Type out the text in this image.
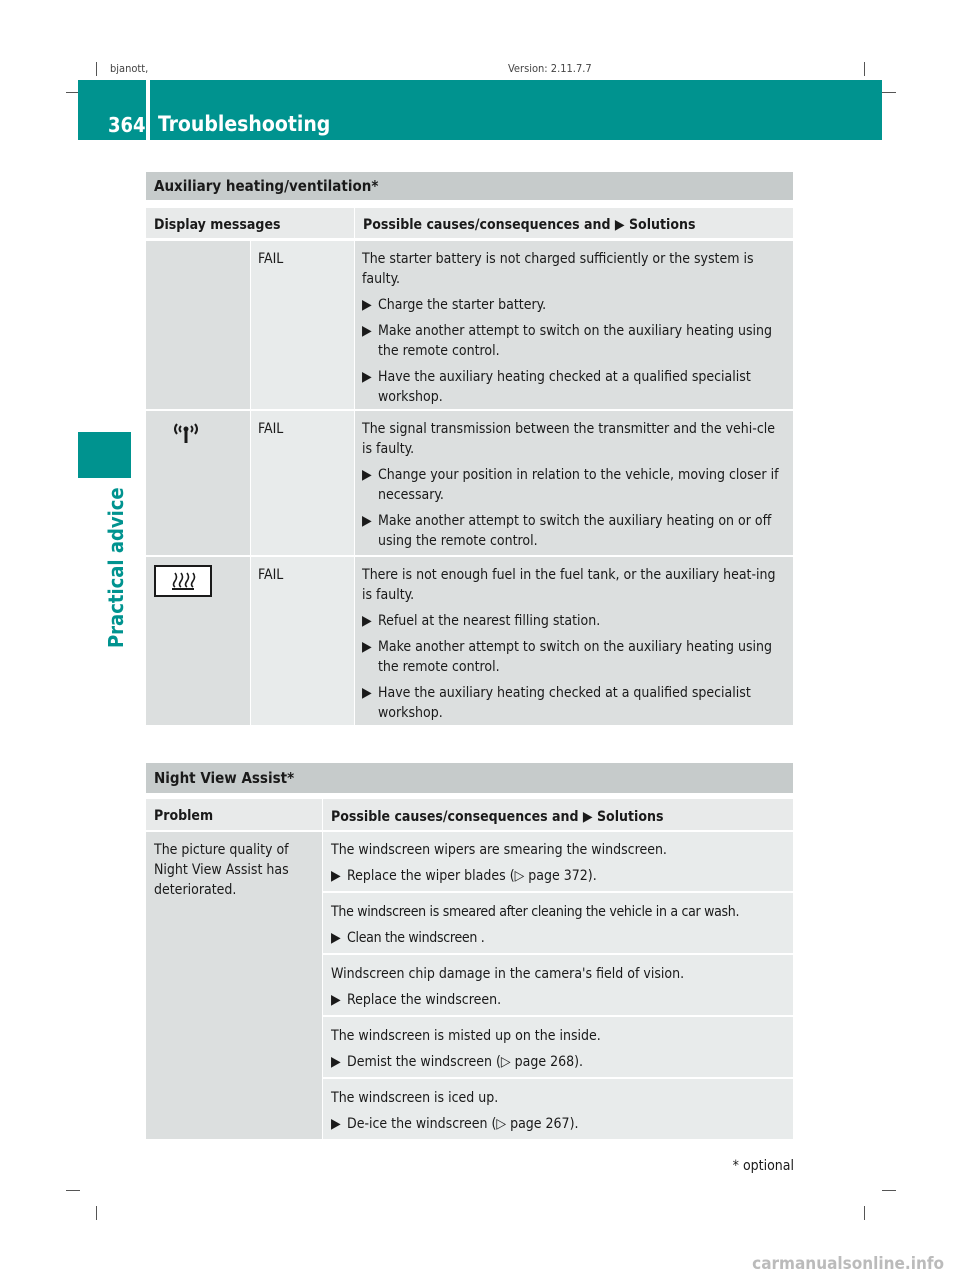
bjanott,	Version: 2.11.7.7
364 Troubleshooting
Practical advice
Auxiliary heating/ventilation*
Display messages	Possible causes/consequences and ▶ Solutions
FAIL	The starter battery is not charged sufficiently or the system is faulty.
▶ Charge the starter battery.
▶ Make another attempt to switch on the auxiliary heating using the remote control.
▶ Have the auxiliary heating checked at a qualified specialist workshop.
FAIL	The signal transmission between the transmitter and the vehi-cle is faulty.
▶ Change your position in relation to the vehicle, moving closer if necessary.
▶ Make another attempt to switch the auxiliary heating on or off using the remote control.
FAIL	There is not enough fuel in the fuel tank, or the auxiliary heat-ing is faulty.
▶ Refuel at the nearest filling station.
▶ Make another attempt to switch on the auxiliary heating using the remote control.
▶ Have the auxiliary heating checked at a qualified specialist workshop.
Night View Assist*
Problem	Possible causes/consequences and ▶ Solutions
The picture quality of Night View Assist has deteriorated.
The windscreen wipers are smearing the windscreen.
▶ Replace the wiper blades (▷ page 372).
The windscreen is smeared after cleaning the vehicle in a car wash.
▶ Clean the windscreen .
Windscreen chip damage in the camera's field of vision.
▶ Replace the windscreen.
The windscreen is misted up on the inside.
▶ Demist the windscreen (▷ page 268).
The windscreen is iced up.
▶ De-ice the windscreen (▷ page 267).
* optional
carmanualsonline.info
